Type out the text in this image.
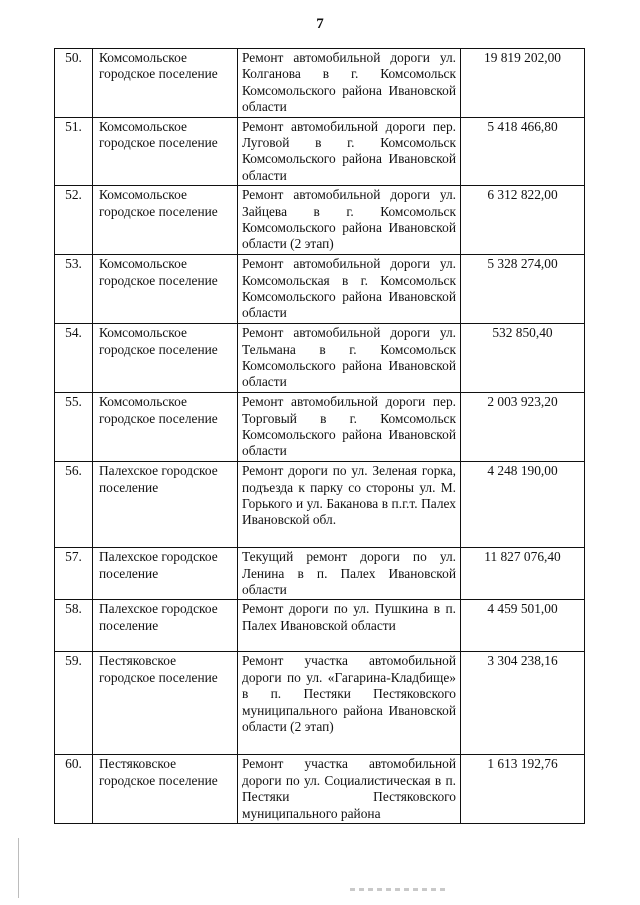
7
50.	Комсомольское городское поселение	Ремонт автомобильной дороги ул. Колганова в г. Комсомольск Комсомольского района Ивановской области	19 819 202,00
51.	Комсомольское городское поселение	Ремонт автомобильной дороги пер. Луговой в г. Комсомольск Комсомольского района Ивановской области	5 418 466,80
52.	Комсомольское городское поселение	Ремонт автомобильной дороги ул. Зайцева в г. Комсомольск Комсомольского района Ивановской области (2 этап)	6 312 822,00
53.	Комсомольское городское поселение	Ремонт автомобильной дороги ул. Комсомольская в г. Комсомольск Комсомольского района Ивановской области	5 328 274,00
54.	Комсомольское городское поселение	Ремонт автомобильной дороги ул. Тельмана в г. Комсомольск Комсомольского района Ивановской области	532 850,40
55.	Комсомольское городское поселение	Ремонт автомобильной дороги пер. Торговый в г. Комсомольск Комсомольского района Ивановской области	2 003 923,20
56.	Палехское городское поселение	Ремонт дороги по ул. Зеленая горка, подъезда к парку со стороны ул. М. Горького и ул. Баканова в п.г.т. Палех Ивановской обл.	4 248 190,00
57.	Палехское городское поселение	Текущий ремонт дороги по ул. Ленина в п. Палех Ивановской области	11 827 076,40
58.	Палехское городское поселение	Ремонт дороги по ул. Пушкина в п. Палех Ивановской области	4 459 501,00
59.	Пестяковское городское поселение	Ремонт участка автомобильной дороги по ул. «Гагарина-Кладбище» в п. Пестяки Пестяковского муниципального района Ивановской области (2 этап)	3 304 238,16
60.	Пестяковское городское поселение	Ремонт участка автомобильной дороги по ул. Социалистическая в п. Пестяки Пестяковского муниципального района	1 613 192,76
